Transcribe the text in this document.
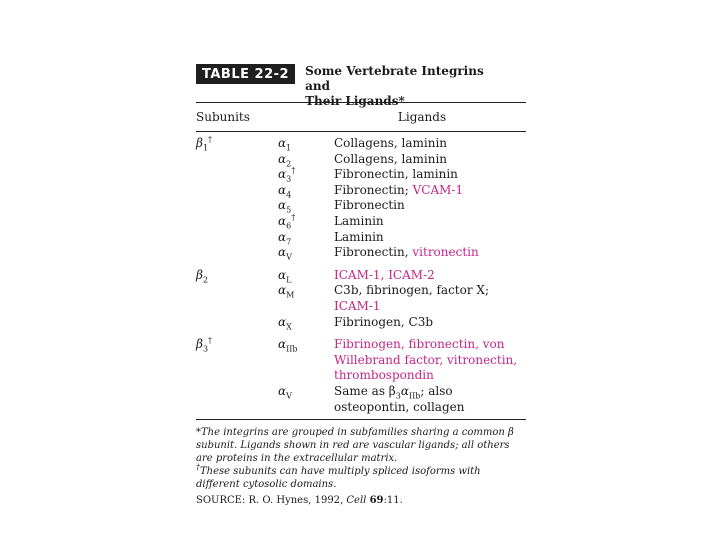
TABLE 22-2	Some Vertebrate Integrins and
Their Ligands*
Subunits	Ligands
$\beta_1^\dagger$	$\alpha_1$	Collagens, laminin
$\alpha_2$	Collagens, laminin
$\alpha_3^\dagger$	Fibronectin, laminin
$\alpha_4$	Fibronectin; VCAM-1
$\alpha_5$	Fibronectin
$\alpha_6^\dagger$	Laminin
$\alpha_7$	Laminin
$\alpha_V$	Fibronectin, vitronectin
$\beta_2$	$\alpha_L$	ICAM-1, ICAM-2
$\alpha_M$	C3b, fibrinogen, factor X; ICAM-1
$\alpha_X$	Fibrinogen, C3b
$\beta_3^\dagger$	$\alpha_{IIb}$	Fibrinogen, fibronectin, von Willebrand factor, vitronectin, thrombospondin
$\alpha_V$	Same as $\beta_3\alpha_{IIb}$; also osteopontin, collagen

*The integrins are grouped in subfamilies sharing a common β subunit. Ligands shown in red are vascular ligands; all others are proteins in the extracellular matrix.

†These subunits can have multiply spliced isoforms with different cytosolic domains.

SOURCE: R. O. Hynes, 1992, Cell 69:11.
